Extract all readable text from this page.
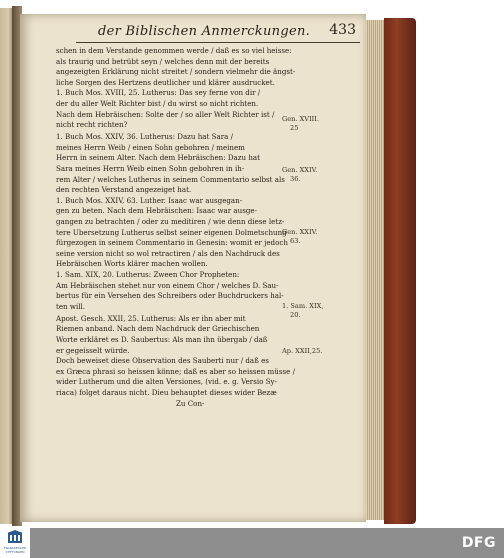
der Biblischen Anmerckungen. 433
schen in dem Verstande genommen werde / daß es so viel heisse:
als traurig und betrübt seyn / welches denn mit der bereits
angezeigten Erklärung nicht streitet / sondern vielmehr die ängst-
liche Sorgen des Hertzens deutlicher und klärer ausdrucket.
1. Buch Mos. XVIII, 25. Lutherus: Das sey ferne von dir /
der du aller Welt Richter bist / du wirst so nicht richten.
Nach dem Hebräischen: Solte der / so aller Welt Richter ist /
nicht recht richten?
1. Buch Mos. XXIV, 36. Lutherus: Dazu hat Sara /
meines Herrn Weib / einen Sohn gebohren / meinem
Herrn in seinem Alter. Nach dem Hebräischen: Dazu hat
Sara meines Herrn Weib einen Sohn gebohren in ih-
rem Alter / welches Lutherus in seinem Commentario selbst als
den rechten Verstand angezeiget hat.
1. Buch Mos. XXIV, 63. Luther. Isaac war ausgegan-
gen zu beten. Nach dem Hebräischen: Isaac war ausge-
gangen zu betrachten / oder zu meditiren / wie denn diese letz-
tere Ubersetzung Lutherus selbst seiner eigenen Dolmetschung
fürgezogen in seinem Commentario in Genesin: womit er jedoch
seine version nicht so wol retractiren / als den Nachdruck des
Hebräischen Worts klärer machen wollen.
1. Sam. XIX, 20. Lutherus: Zween Chor Propheten:
Am Hebräischen stehet nur von einem Chor / welches D. Sau-
bertus für ein Versehen des Schreibers oder Buchdruckers hal-
ten will.
Apost. Gesch. XXII, 25. Lutherus: Als er ihn aber mit
Riemen anband. Nach dem Nachdruck der Griechischen
Worte erkläret es D. Saubertus: Als man ihn übergab / daß
er gegeisselt würde.
Doch beweiset diese Observation des Sauberti nur / daß es
ex Græca phrasi so heissen könne; daß es aber so heissen müsse /
wider Lutherum und die alten Versiones, (vid. e. g. Versio Sy-
riaca) folget daraus nicht. Dieu behauptet dieses wider Bezæ
Zu Con-
Gen. XVIII.
25
Gen. XXIV.
36.
Gen. XXIV.
63.
1. Sam. XIX,
20.
Ap. XXII,25.
FRANCKESCHE STIFTUNGEN
DFG
